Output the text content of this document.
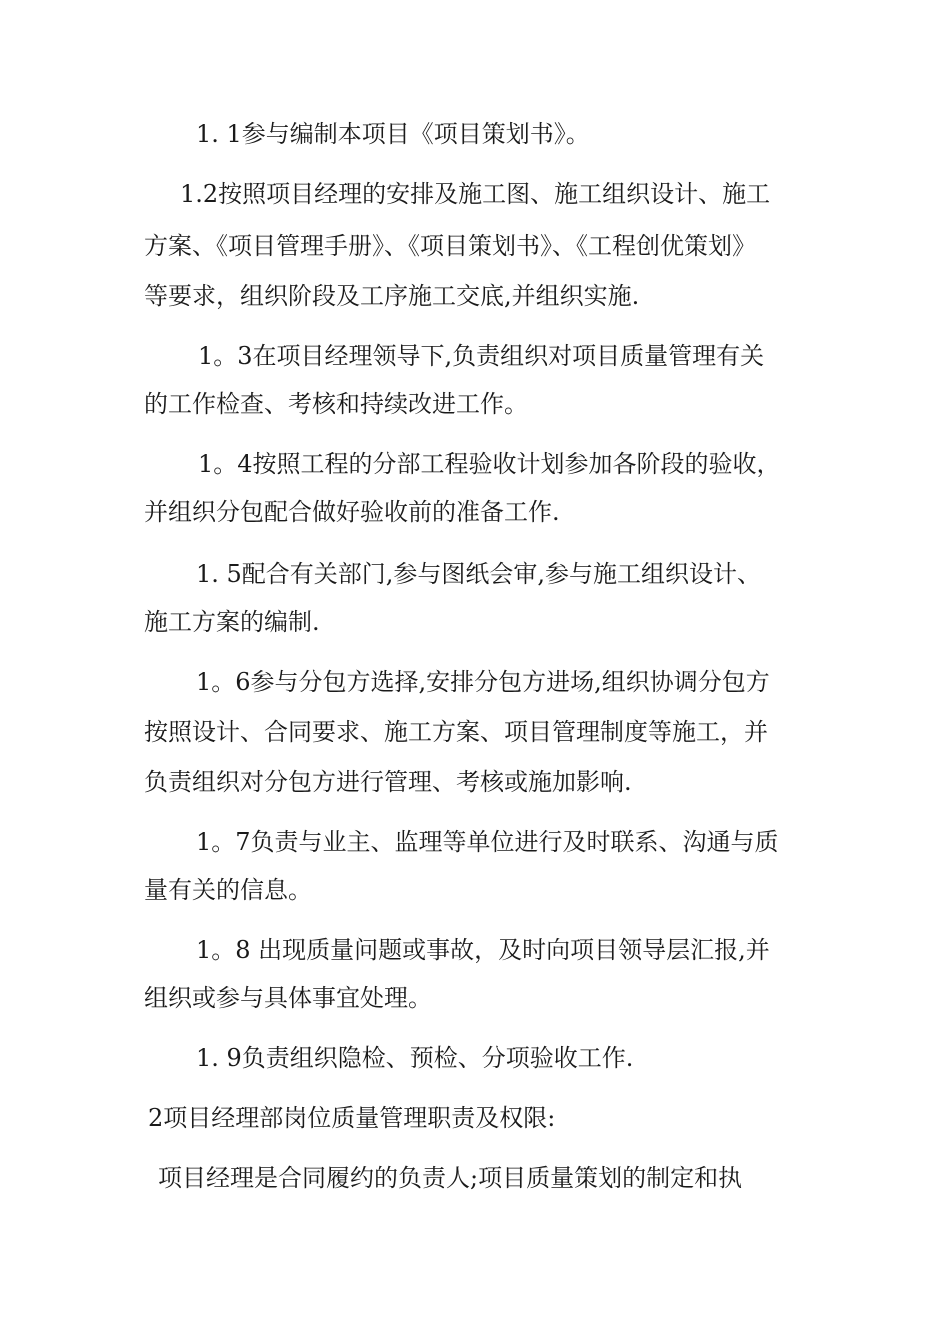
1. 1参与编制本项目《项目策划书》。
1.2按照项目经理的安排及施工图、施工组织设计、施工
方案、《项目管理手册》、《项目策划书》、《工程创优策划》
等要求，组织阶段及工序施工交底,并组织实施.
1。3在项目经理领导下,负责组织对项目质量管理有关
的工作检查、考核和持续改进工作。
1。4按照工程的分部工程验收计划参加各阶段的验收，
并组织分包配合做好验收前的准备工作.
1. 5配合有关部门,参与图纸会审,参与施工组织设计、
施工方案的编制.
1。6参与分包方选择,安排分包方进场,组织协调分包方
按照设计、合同要求、施工方案、项目管理制度等施工，并
负责组织对分包方进行管理、考核或施加影响.
1。7负责与业主、监理等单位进行及时联系、沟通与质
量有关的信息。
1。8 出现质量问题或事故，及时向项目领导层汇报,并
组织或参与具体事宜处理。
1. 9负责组织隐检、预检、分项验收工作.
2项目经理部岗位质量管理职责及权限:
项目经理是合同履约的负责人;项目质量策划的制定和执
